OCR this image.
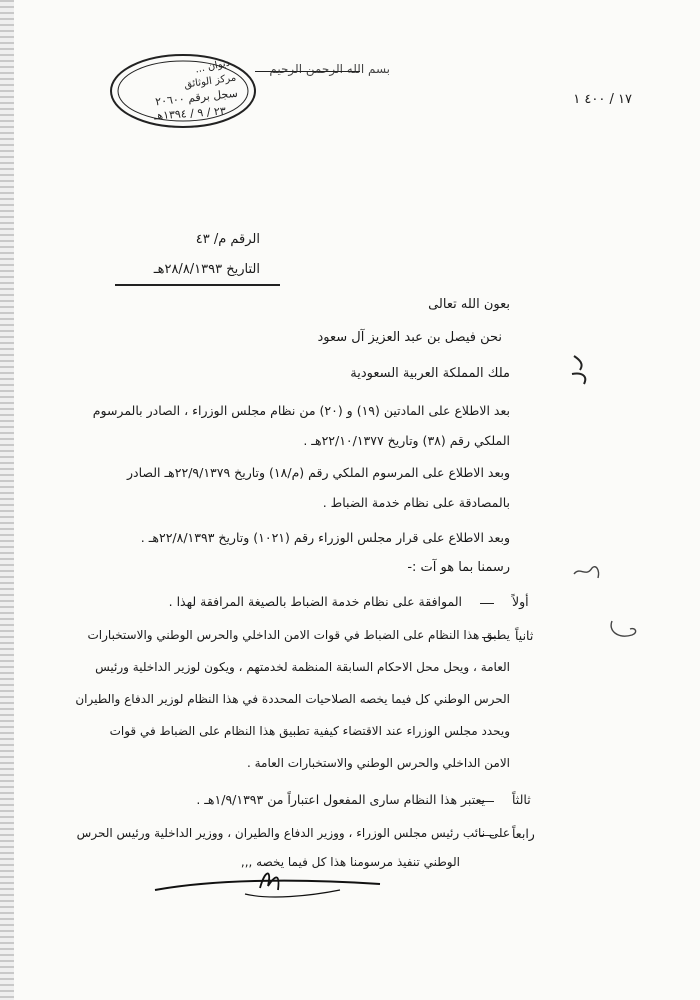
ديوان ...
مركز الوثائق
سجل برقم ٢٠٦٠٠
٢٣ / ٩ / ١٣٩٤هـ
بسم الله الرحمن الرحيم
١٧ / ٤٠٠ ١
الرقم م/ ٤٣
التاريخ ٢٨/٨/١٣٩٣هـ
بعون الله تعالى
نحن فيصل بن عبد العزيز آل سعود
ملك المملكة العربية السعودية
بعد الاطلاع على المادتين (١٩) و (٢٠) من نظام مجلس الوزراء ، الصادر بالمرسوم
الملكي رقم (٣٨) وتاريخ ٢٢/١٠/١٣٧٧هـ .
وبعد الاطلاع على المرسوم الملكي رقم (م/١٨) وتاريخ ٢٢/٩/١٣٧٩هـ الصادر
بالمصادقة على نظام خدمة الضباط .
وبعد الاطلاع على قرار مجلس الوزراء رقم (١٠٢١) وتاريخ ٢٢/٨/١٣٩٣هـ .
رسمنا بما هو آت :-
أولاً
الموافقة على نظام خدمة الضباط بالصيغة المرافقة لهذا .
ثانياً
يطبق هذا النظام على الضباط في قوات الامن الداخلي والحرس الوطني والاستخبارات
العامة ، ويحل محل الاحكام السابقة المنظمة لخدمتهم ، ويكون لوزير الداخلية ورئيس
الحرس الوطني كل فيما يخصه الصلاحيات المحددة في هذا النظام لوزير الدفاع والطيران
ويحدد مجلس الوزراء عند الاقتضاء كيفية تطبيق هذا النظام على الضباط في قوات
الامن الداخلي والحرس الوطني والاستخبارات العامة .
ثالثاً
يعتبر هذا النظام سارى المفعول اعتباراً من ١/٩/١٣٩٣هـ .
رابعاً
على نائب رئيس مجلس الوزراء ، ووزير الدفاع والطيران ، ووزير الداخلية ورئيس الحرس
الوطني تنفيذ مرسومنا هذا كل فيما يخصه ,,,
